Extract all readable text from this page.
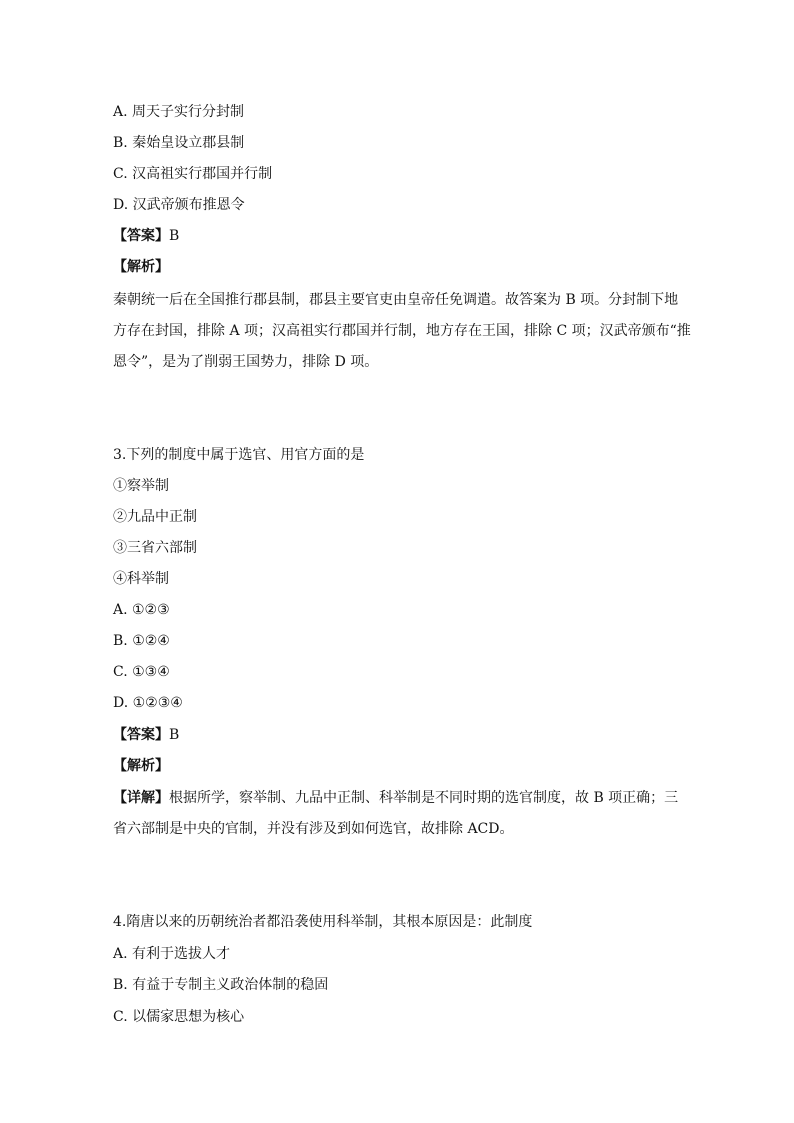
A. 周天子实行分封制
B. 秦始皇设立郡县制
C. 汉高祖实行郡国并行制
D. 汉武帝颁布推恩令
【答案】B
【解析】
秦朝统一后在全国推行郡县制，郡县主要官吏由皇帝任免调遣。故答案为 B 项。分封制下地
方存在封国，排除 A 项；汉高祖实行郡国并行制，地方存在王国，排除 C 项；汉武帝颁布“推
恩令”，是为了削弱王国势力，排除 D 项。
3.下列的制度中属于选官、用官方面的是
①察举制
②九品中正制
③三省六部制
④科举制
A. ①②③
B. ①②④
C. ①③④
D. ①②③④
【答案】B
【解析】
【详解】根据所学，察举制、九品中正制、科举制是不同时期的选官制度，故 B 项正确；三
省六部制是中央的官制，并没有涉及到如何选官，故排除 ACD。
4.隋唐以来的历朝统治者都沿袭使用科举制，其根本原因是：此制度
A. 有利于选拔人才
B. 有益于专制主义政治体制的稳固
C. 以儒家思想为核心
